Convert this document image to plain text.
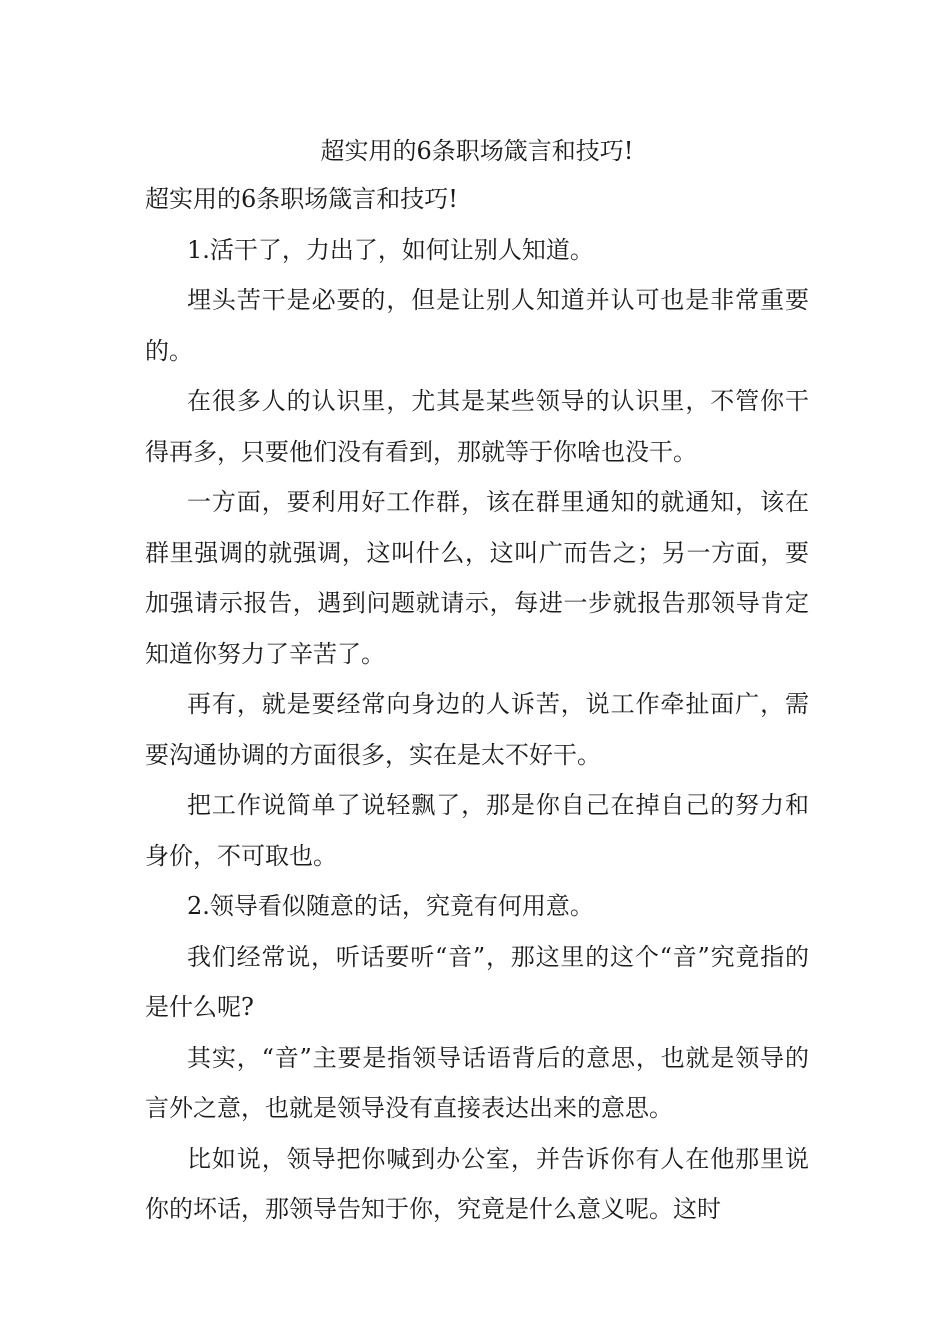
超实用的6条职场箴言和技巧!

超实用的6条职场箴言和技巧!

1.活干了，力出了，如何让别人知道。

埋头苦干是必要的，但是让别人知道并认可也是非常重要的。

在很多人的认识里，尤其是某些领导的认识里，不管你干得再多，只要他们没有看到，那就等于你啥也没干。

一方面，要利用好工作群，该在群里通知的就通知，该在群里强调的就强调，这叫什么，这叫广而告之；另一方面，要加强请示报告，遇到问题就请示，每进一步就报告那领导肯定知道你努力了辛苦了。

再有，就是要经常向身边的人诉苦，说工作牵扯面广，需要沟通协调的方面很多，实在是太不好干。

把工作说简单了说轻飘了，那是你自己在掉自己的努力和身价，不可取也。

2.领导看似随意的话，究竟有何用意。

我们经常说，听话要听“音”，那这里的这个“音”究竟指的是什么呢?

其实，“音”主要是指领导话语背后的意思，也就是领导的言外之意，也就是领导没有直接表达出来的意思。

比如说，领导把你喊到办公室，并告诉你有人在他那里说你的坏话，那领导告知于你，究竟是什么意义呢。这时
